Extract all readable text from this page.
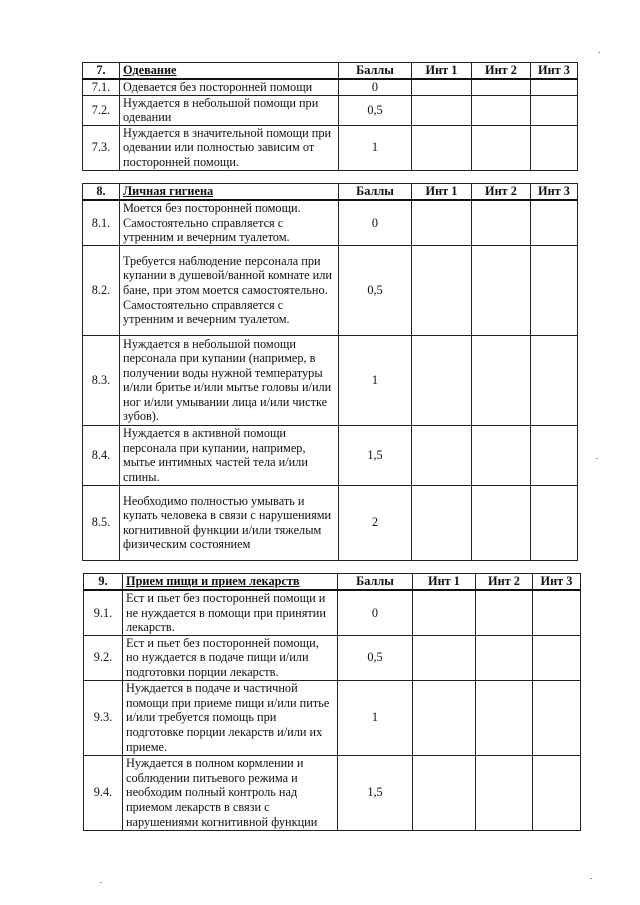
7.	Одевание	Баллы	Инт 1	Инт 2	Инт 3
7.1.	Одевается без посторонней помощи	0			
7.2.	Нуждается в небольшой помощи при одевании	0,5			
7.3.	Нуждается в значительной помощи при одевании или полностью зависим от посторонней помощи.	1			
8.	Личная гигиена	Баллы	Инт 1	Инт 2	Инт 3
8.1.	Моется без посторонней помощи. Самостоятельно справляется с утренним и вечерним туалетом.	0			
8.2.	Требуется наблюдение персонала при купании в душевой/ванной комнате или бане, при этом моется самостоятельно. Самостоятельно справляется с утренним и вечерним туалетом.	0,5			
8.3.	Нуждается в небольшой помощи персонала при купании (например, в получении воды нужной температуры и/или бритье и/или мытье головы и/или ног и/или умывании лица и/или чистке зубов).	1			
8.4.	Нуждается в активной помощи персонала при купании, например, мытье интимных частей тела и/или спины.	1,5			
8.5.	Необходимо полностью умывать и купать человека в связи с нарушениями когнитивной функции и/или тяжелым физическим состоянием	2			
9.	Прием пищи и прием лекарств	Баллы	Инт 1	Инт 2	Инт 3
9.1.	Ест и пьет без посторонней помощи и не нуждается в помощи при принятии лекарств.	0			
9.2.	Ест и пьет без посторонней помощи, но нуждается в подаче пищи и/или подготовки порции лекарств.	0,5			
9.3.	Нуждается в подаче и частичной помощи при приеме пищи и/или питье и/или требуется помощь при подготовке порции лекарств и/или их приеме.	1			
9.4.	Нуждается в полном кормлении и соблюдении питьевого режима и необходим полный контроль над приемом лекарств в связи с нарушениями когнитивной функции	1,5			
